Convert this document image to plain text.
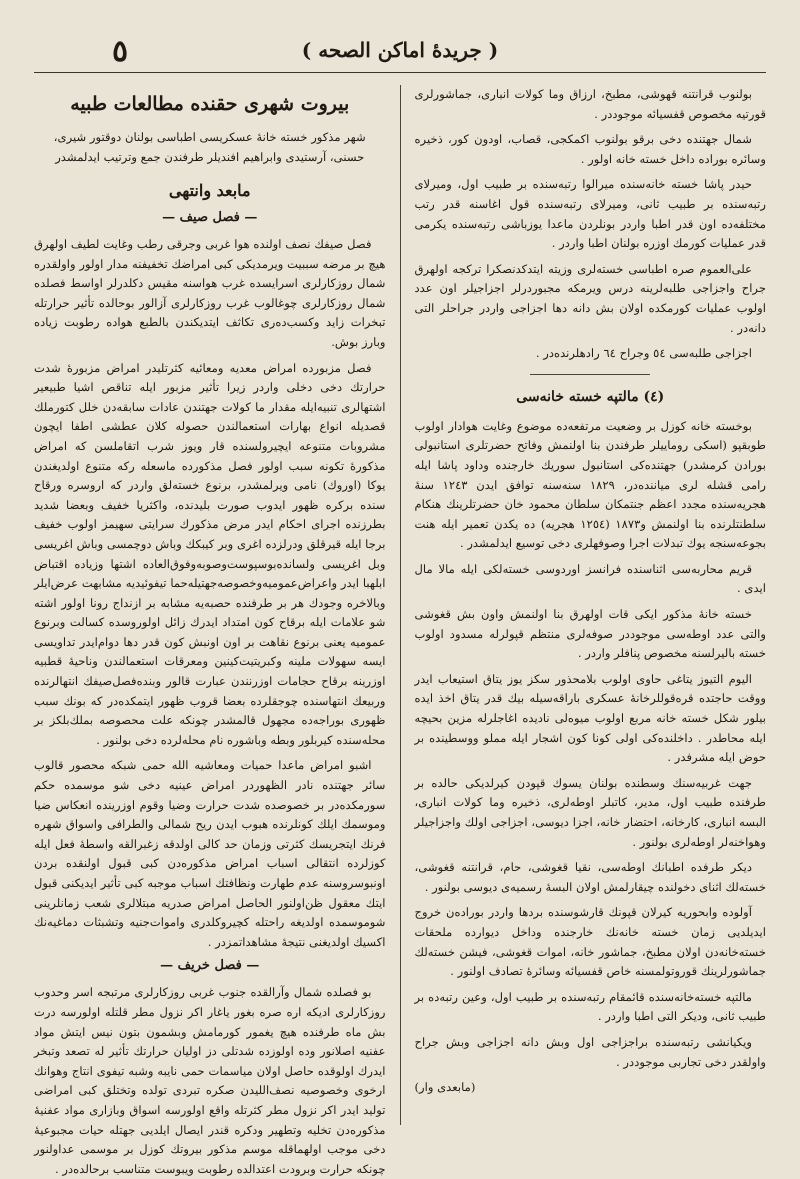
( جريدهٔ اماكن الصحه )
٥

بولنوب قرانتنه قهوشی، مطبخ، ارزاق وما كولات انباری، جماشورلری قورتیه مخصوص قفسیائه موجوددر .

شمال جهتنده دخی برقو بولنوب اكمكجی، قصاب، اودون كور، ذخیره وسائره بوراده داخل خسته خانه اولور .

حیدر پاشا خسته خانه‌سنده میرالوا رتبه‌سنده بر طبیب اول، ومیرلای رتبه‌سنده بر طبیب ثانی، ومیرلای رتبه‌سنده قول اغاسنه قدر رتب مختلفه‌ده اون قدر اطبا واردر بونلردن ماعدا یوزباشی رتبه‌سنده یكرمی قدر عملیات كورمك اوزره بولنان اطبا واردر .

علی‌العموم صره اطباسی خسته‌لری وزیته ایتدكدنصكرا تركجه اولهرق جراح واجزاجی طلبه‌لرینه درس ویرمكه مجبوردرلر اجزاجیلر اون عدد اولوب عملیات كورمكده اولان بش دانه دها اجزاجی واردر جراحلر التی دانه‌در .

اجزاجی طلبه‌سی ٥٤ وجراح ٦٤ رادهلرنده‌در .

(٤) مالتپه خسته خانه‌سی

بوخسته خانه كوزل بر وضعیت مرتفعه‌ده موضوع وغایت هوادار اولوب طوبقپو (اسكی روماییلر طرفندن بنا اولنمش وفاتح حضرتلری استانبولی بورادن كرمشدر) جهتنده‌كی استانبول سوریك خارجنده وداود پاشا ایله رامی قشله‌ لری میاننده‌در، ١٨٢٩ سنه‌سنه توافق ایدن ١٢٤٣ سنهٔ هجریه‌سنده مجدد اعظم جنتمكان سلطان محمود خان حضرتلرینك هنكام سلطنتلرنده بنا اولنمش و١٨٧٣ (١٢٥٤ هجریه) ده یكدن تعمیر ایله هنت بجوعه‌سنجه یوك تبدلات اجرا وصوفهلری دخی توسیع ایدلمشدر .

قریم محاربه‌سی اثناسنده فرانسز اوردوسی خسته‌لكی ایله مالا مال ایدی .

خسته خانهٔ مذكور ایكی قات اولهرق بنا اولنمش واون بش قغوشی والتی عدد اوطه‌سی موجوددر صوفه‌لری منتظم قپولرله مسدود اولوب خسته بالیرلسنه مخصوص پنافلر واردر .

الیوم التیوز یتاغی حاوی اولوب بلامحذور سكز یوز یتاق استیعاب ایدر ووقت حاجتده قره‌قوللرخانهٔ عسكری باراقه‌سیله بیك قدر یتاق اخذ ایده بیلور شكل خسته خانه مربع اولوب میوه‌لی نادیده اغاجلرله مزین بحیچه ایله محاطدر . داخلنده‌كی اولی كونا كون اشجار ایله مملو ووسطینده بر حوض ایله مشرفدر .

جهت غربیه‌سنك وسطنده بولنان یسوك قپودن كیرلدیكی حالده بر طرفنده طبیب اول، مدیر، كاتبلر اوطه‌لری، ذخیره وما كولات انباری، البسه انباری، كارخانه، احتضار خانه، اجزا دیوسی، اجزاجی اولك واجزاجیلر وهواخنه‌لر اوطه‌لری بولنور .

دیكر طرفده اطبانك اوطه‌سی، نقیا قغوشی، حام، قرانتنه قغوشی، خسته‌لك اثنای دخولنده چیقارلمش اولان البسهٔ رسمیه‌ی دیوسی بولنور .

آولوده وابحوریه كیرلان قپونك قارشوسنده بردها واردر بوراده‌ن خروج ایدیلدیی زمان خسته خانه‌نك خارجنده وداخل دیوارده ملحقات خسته‌خانه‌دن اولان مطبخ، جماشور خانه، اموات قغوشی، فیشن خسته‌لك جماشورلرینك قوروتولمسنه خاص قفسیائه وسائرهٔ تصادف اولنور .

مالتپه خسته‌خانه‌سنده قائمقام رتبه‌سنده بر طبیب اول، وعین رتبه‌ده بر طبیب ثانی، ودیكر التی اطبا واردر .

ویكیانشی رتبه‌سنده براجزاجی اول وبش دانه اجزاجی وبش جراح واولقدر دخی تجاربی موجوددر .

(مابعدی وار)

بیروت شهری حقنده مطالعات طبیه
شهر مذكور خسته خانهٔ عسكریسی اطباسی بولنان دوقتور شیری، حسنی، آرستیدی وابراهیم افندیلر طرفندن جمع وترتیب ایدلمشدر
مابعد وانتهی
— فصل صیف —

فصل صیفك نصف اولنده هوا غربی وجرقی رطب وغایت لطیف اولهرق هیچ بر مرضه سببیت ویرمدیكی كبی امراضك تخفیفنه مدار اولور واولقدره شمال روزكارلری اسرایسده غرب هواسنه مقیس دكلدرلر اواسط فصلده شمال روزكارلری چوغالوب غرب روزكارلری آزالور بوحالده تأثیر حرارتله تبخرات زاید وكسب‌ده‌ری تكاثف ایتدیكندن بالطبع هواده رطوبت زیاده وبارز بوش.

فصل مزبورده امراض معدیه ومعائیه كثرتلیدر امراض مزبورهٔ شدت حرارتك دخی دخلی واردر زیرا تأثیر مزبور ایله تناقص اشیا طبیعیر اشتهالری تنبیه‌ایله مقدار ما كولات جهتندن عادات سابقه‌دن خلل كتورملك قصدیله انواع بهارات استعمالندن حصوله كلان عطشی اطفا ایچون مشروبات متنوعه ایچیرولسنده قار ویوز شرب اتقاملسن كه امراض مذكورهٔ تكونه سبب اولور فصل مذكورده ماسعله ركه متنوع اولدیغندن یوكا (اوروك) نامی ویرلمشدر، برنوع خسته‌لق واردر كه اروسره ورقاح سنده بركره ظهور ایدوب صورت بلیدنده، واكثریا خفیف وبعضا شدید بطرزنده اجرای احكام ایدر مرض مذكورك سرایتی سهیمز اولوب خفیف برجا ایله قیرقلق ودرلزده اغری وبر كیبكك وباش دوچمسی وباش اغریسی وبل اغریسی ولسانده‌بوسپوست‌وصوبه‌وفوق‌العاده اشتها وزیاده اقتباض ابلهبا ایدر واعراض‌عمومیه‌وخصوصه‌جهتیله‌حما تیفوئیدیه مشابهت عرض‌ایلر وبالاخره وجودك هر بر طرفنده حصبه‌یه مشابه بر ازنداج رونا اولور اشته شو علامات ایله برقاح كون امتداد ایدرك زائل اولوروسده كسالت وبرنوع عمومیه یعنی برنوع نقاهت بر اون اونبش كون قدر دها دوام‌ایدر تداویسی ایسه سهولات ملینه وكبریتیت‌كینین ومعرقات استعمالندن وناحیهٔ قطبیه اوزرینه برقاح حجامات اوزرنندن عبارت قالور وبنده‌فصل‌صیفك انتهالرنده وربیعك انتهاسنده چوجقلرده بعضا قروب ظهور ایتمكده‌در كه بونك سبب ظهوری بوراجه‌ده مجهول قالمشدر چونكه علت محصوصه‌ بملك‌بلكز بر محله‌سنده كیربلور وبطه وباشوره نام محله‌لرده دخی بولنور .

اشبو امراض ماعدا حمیات ومعاشیه الله حمی شبكه محصور قالوب سائر جهتنده نادر الظهوردر امراض عینیه دخی شو موسمده حكم سورمكده‌در بر خصوصده شدت حرارت وضیا وقوم اوزرینده انعكاس ضیا وموسمك ایلك كونلرنده هبوب ایدن ریح شمالی والطرافی واسواق شهره فرنك ایتجریسك كثرتی وزمان حد كالی اولدقه زغبرالقه واسطهٔ فعل ایله كوزلرده انتقالی اسباب امراض مذكوره‌دن كبی قبول اولنقده بردن اونبوسروسنه عدم طهارت ونظافتك اسباب موجبه كبی تأثیر ایدیكنی قبول ایتك معقول ظن‌اولنور الحاصل امراض صدریه مبتلالری شعب زمانلرینی شوموسمده اولدیغه راحتله كچیروكلدری واموات‌جنیه وتشبثات دماغیه‌نك اكسیك اولدیغنی نتیجهٔ مشاهداتمزدر .

— فصل خریف —

بو فصلده شمال وآرالقده جنوب غربی روزكارلری مرتبجه اسر وحدوب روزكارلری ادیكه اره صره بغور یاغار اكر نزول مطر قلتله اولورسه درت بش ماه طرفنده هیچ یغمور كورمامش وبشمون بتون نیس ایتش مواد عفنیه اصلانور وده اولوزده شدتلی دز اولیان حرارتك تأثیر له تصعد وتبخر ایدرك اولوقده حاصل اولان میاسمات حمی نایبه وشبه تیفوی انتاج وهوانك ارخوی وخصوصیه نصف‌اللیدن صكره تبردی تولده وتختلق كبی امراضی تولید ایدر اكر نزول مطر كثرتله واقع اولورسه اسواق وبازاری مواد عفنیهٔ مذكوره‌دن تخلیه وتطهیر ودكره قندر ایصال ایلدیی جهتله حیات مجبوعیهٔ دخی موجب اولهماقله موسم مذكور بیروتك كوزل بر موسمی عداولنور چونكه حرارت وبرودت اعتدالده رطوبت ویبوست متناسب برحالده‌در .
